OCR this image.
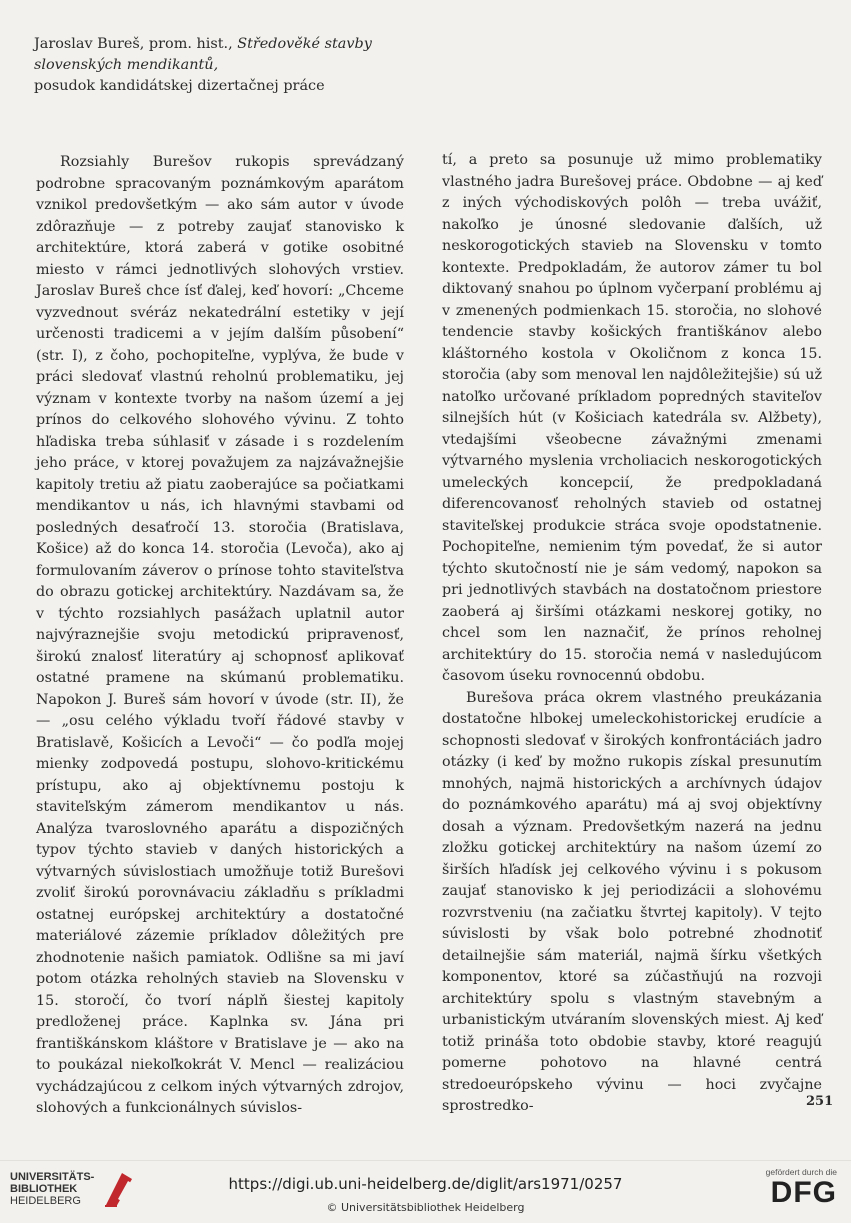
Jaroslav Bureš, prom. hist., Středověké stavby
slovenských mendikantů,
posudok kandidátskej dizertačnej práce

Rozsiahly Burešov rukopis sprevádzaný podrobne spracovaným poznámkovým aparátom vznikol predovšetkým — ako sám autor v úvode zdôrazňuje — z potreby zaujať stanovisko k architektúre, ktorá zaberá v gotike osobitné miesto v rámci jednotlivých slohových vrstiev. Jaroslav Bureš chce ísť ďalej, keď hovorí: „Chceme vyzvednout svéráz nekatedrální estetiky v její určenosti tradicemi a v jejím dalším působení“ (str. I), z čoho, pochopiteľne, vyplýva, že bude v práci sledovať vlastnú reholnú problematiku, jej význam v kontexte tvorby na našom území a jej prínos do celkového slohového vývinu. Z tohto hľadiska treba súhlasiť v zásade i s rozdelením jeho práce, v ktorej považujem za najzávažnejšie kapitoly tretiu až piatu zaoberajúce sa počiatkami mendikantov u nás, ich hlavnými stavbami od posledných desaťročí 13. storočia (Bratislava, Košice) až do konca 14. storočia (Levoča), ako aj formulovaním záverov o prínose tohto staviteľstva do obrazu gotickej architektúry. Nazdávam sa, že v týchto rozsiahlych pasážach uplatnil autor najvýraznejšie svoju metodickú pripravenosť, širokú znalosť literatúry aj schopnosť aplikovať ostatné pramene na skúmanú problematiku. Napokon J. Bureš sám hovorí v úvode (str. II), že — „osu celého výkladu tvoří řádové stavby v Bratislavě, Košicích a Levoči“ — čo podľa mojej mienky zodpovedá postupu, slohovo-kritickému prístupu, ako aj objektívnemu postoju k staviteľským zámerom mendikantov u nás. Analýza tvaroslovného aparátu a dispozičných typov týchto stavieb v daných historických a výtvarných súvislostiach umožňuje totiž Burešovi zvoliť širokú porovnávaciu základňu s príkladmi ostatnej európskej architektúry a dostatočné materiálové zázemie príkladov dôležitých pre zhodnotenie našich pamiatok. Odlišne sa mi javí potom otázka reholných stavieb na Slovensku v 15. storočí, čo tvorí náplň šiestej kapitoly predloženej práce. Kaplnka sv. Jána pri františkánskom kláštore v Bratislave je — ako na to poukázal niekoľkokrát V. Mencl — realizáciou vychádzajúcou z celkom iných výtvarných zdrojov, slohových a funkcionálnych súvislos-

tí, a preto sa posunuje už mimo problematiky vlastného jadra Burešovej práce. Obdobne — aj keď z iných východiskových polôh — treba uvážiť, nakoľko je únosné sledovanie ďalších, už neskorogotických stavieb na Slovensku v tomto kontexte. Predpokladám, že autorov zámer tu bol diktovaný snahou po úplnom vyčerpaní problému aj v zmenených podmienkach 15. storočia, no slohové tendencie stavby košických františkánov alebo kláštorného kostola v Okoličnom z konca 15. storočia (aby som menoval len najdôležitejšie) sú už natoľko určované príkladom popredných staviteľov silnejších hút (v Košiciach katedrála sv. Alžbety), vtedajšími všeobecne závažnými zmenami výtvarného myslenia vrcholiacich neskorogotických umeleckých koncepcií, že predpokladaná diferencovanosť reholných stavieb od ostatnej staviteľskej produkcie stráca svoje opodstatnenie. Pochopiteľne, nemienim tým povedať, že si autor týchto skutočností nie je sám vedomý, napokon sa pri jednotlivých stavbách na dostatočnom priestore zaoberá aj širšími otázkami neskorej gotiky, no chcel som len naznačiť, že prínos reholnej architektúry do 15. storočia nemá v nasledujúcom časovom úseku rovnocennú obdobu.

Burešova práca okrem vlastného preukázania dostatočne hlbokej umeleckohistorickej erudície a schopnosti sledovať v širokých konfrontáciách jadro otázky (i keď by možno rukopis získal presunutím mnohých, najmä historických a archívnych údajov do poznámkového aparátu) má aj svoj objektívny dosah a význam. Predovšetkým nazerá na jednu zložku gotickej architektúry na našom území zo širších hľadísk jej celkového vývinu i s pokusom zaujať stanovisko k jej periodizácii a slohovému rozvrstveniu (na začiatku štvrtej kapitoly). V tejto súvislosti by však bolo potrebné zhodnotiť detailnejšie sám materiál, najmä šírku všetkých komponentov, ktoré sa zúčastňujú na rozvoji architektúry spolu s vlastným stavebným a urbanistickým utváraním slovenských miest. Aj keď totiž prináša toto obdobie stavby, ktoré reagujú pomerne pohotovo na hlavné centrá stredoeurópskeho vývinu — hoci zvyčajne sprostredko-	251
UNIVERSITÄTS-
BIBLIOTHEK
HEIDELBERG
https://digi.ub.uni-heidelberg.de/diglit/ars1971/0257
© Universitätsbibliothek Heidelberg
gefördert durch die
DFG
